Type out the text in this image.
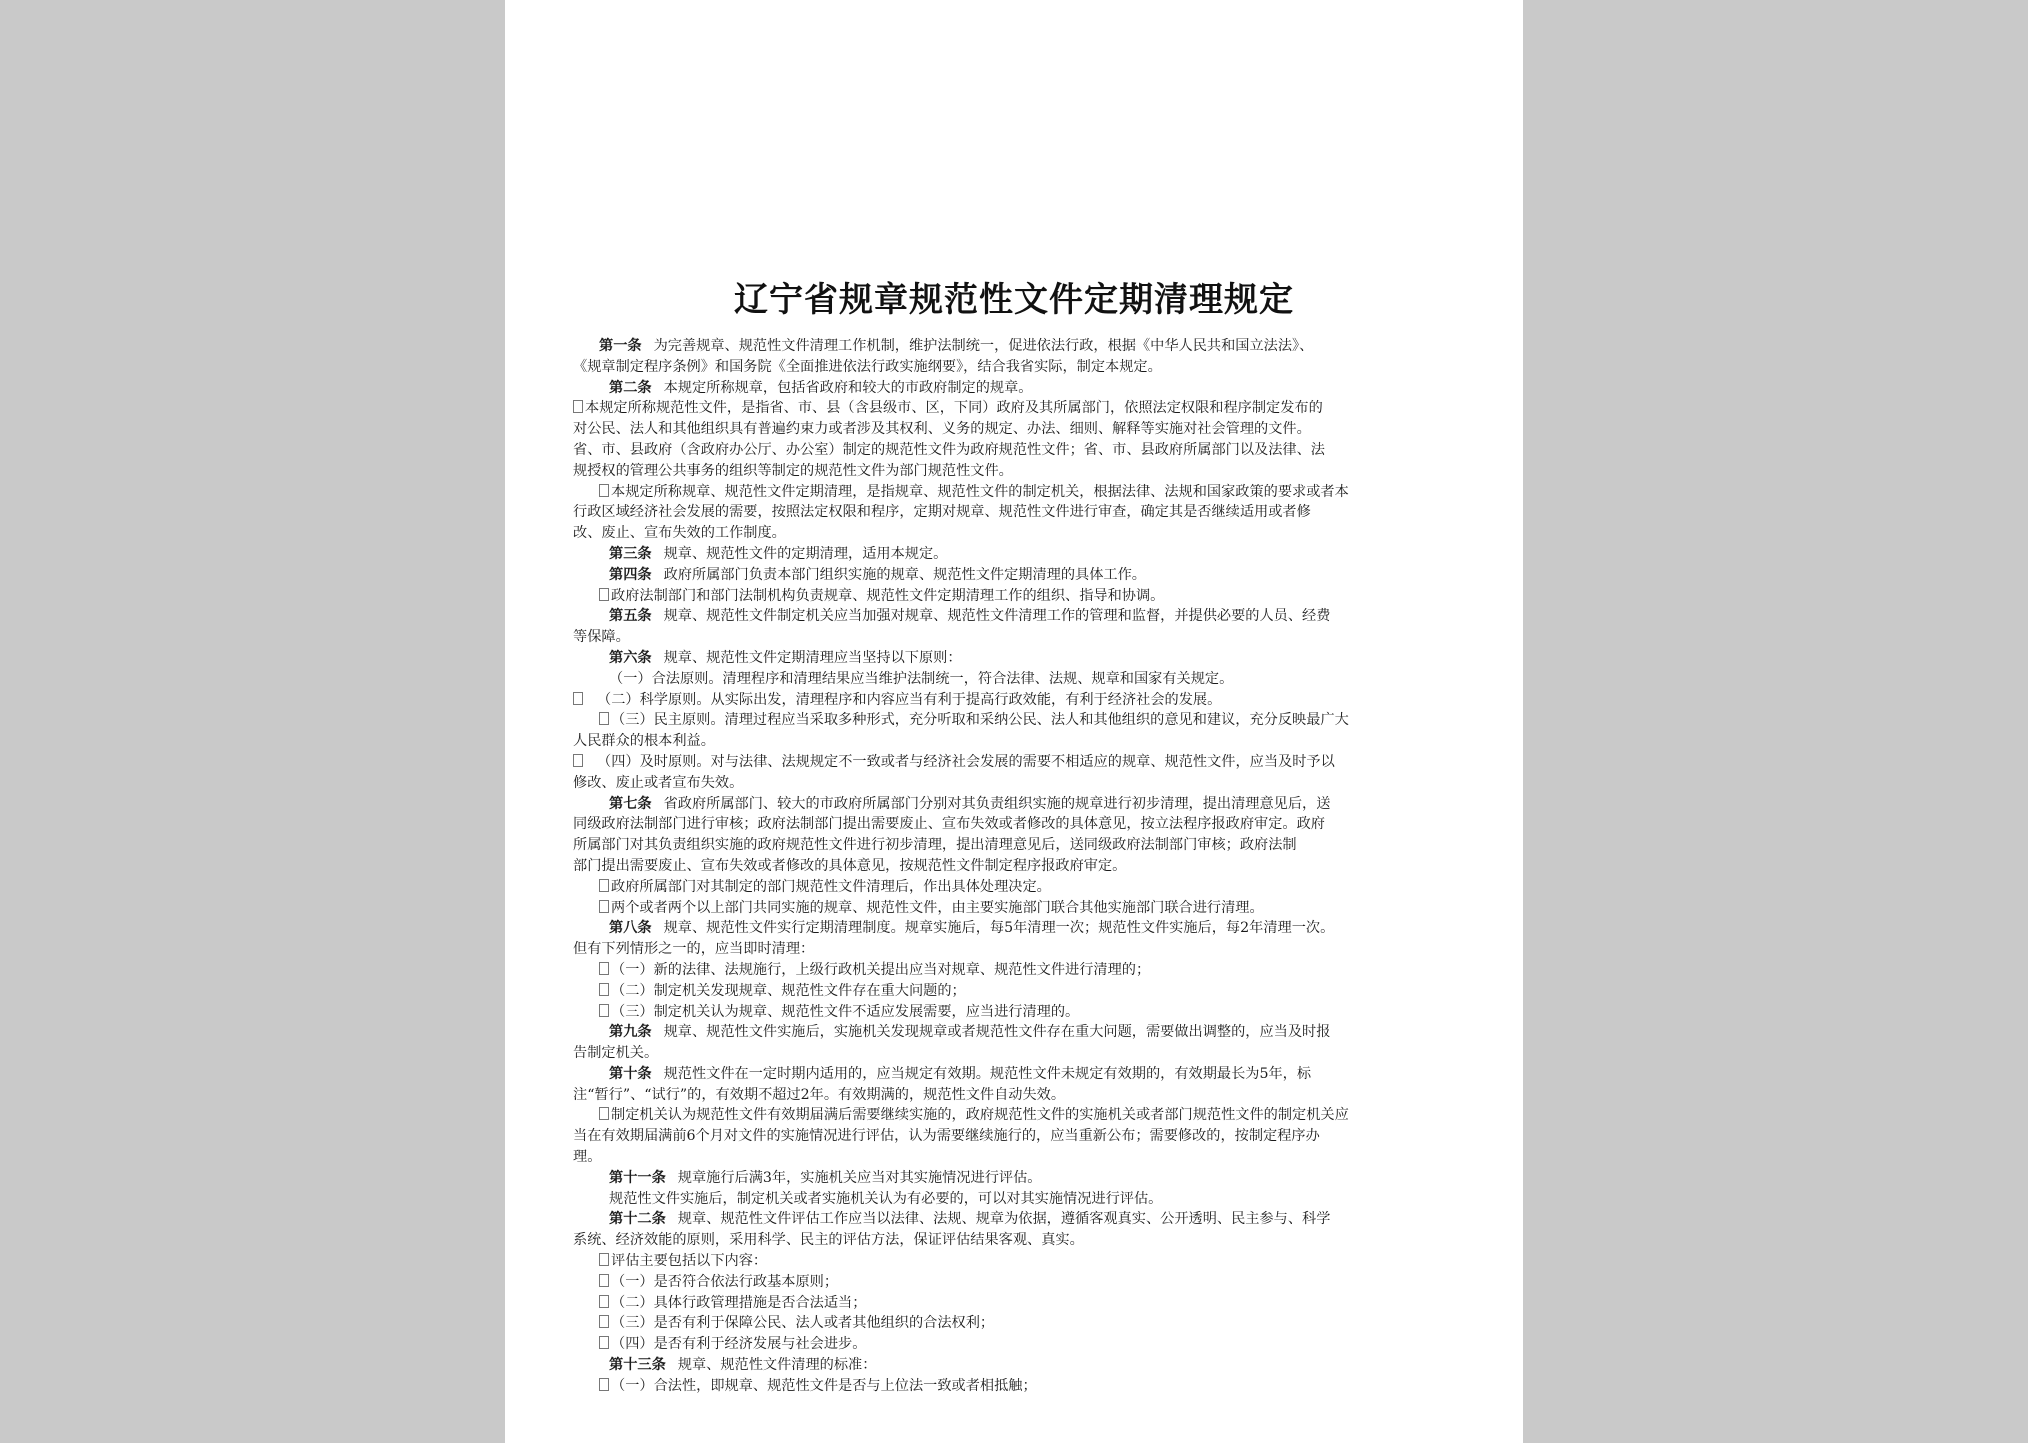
辽宁省规章规范性文件定期清理规定

第一条 为完善规章、规范性文件清理工作机制，维护法制统一，促进依法行政，根据《中华人民共和国立法法》、

《规章制定程序条例》和国务院《全面推进依法行政实施纲要》，结合我省实际，制定本规定。

第二条 本规定所称规章，包括省政府和较大的市政府制定的规章。

本规定所称规范性文件，是指省、市、县（含县级市、区，下同）政府及其所属部门，依照法定权限和程序制定发布的

对公民、法人和其他组织具有普遍约束力或者涉及其权利、义务的规定、办法、细则、解释等实施对社会管理的文件。

省、市、县政府（含政府办公厅、办公室）制定的规范性文件为政府规范性文件；省、市、县政府所属部门以及法律、法

规授权的管理公共事务的组织等制定的规范性文件为部门规范性文件。

本规定所称规章、规范性文件定期清理，是指规章、规范性文件的制定机关，根据法律、法规和国家政策的要求或者本

行政区域经济社会发展的需要，按照法定权限和程序，定期对规章、规范性文件进行审查，确定其是否继续适用或者修

改、废止、宣布失效的工作制度。

第三条 规章、规范性文件的定期清理，适用本规定。

第四条 政府所属部门负责本部门组织实施的规章、规范性文件定期清理的具体工作。

政府法制部门和部门法制机构负责规章、规范性文件定期清理工作的组织、指导和协调。

第五条 规章、规范性文件制定机关应当加强对规章、规范性文件清理工作的管理和监督，并提供必要的人员、经费

等保障。

第六条 规章、规范性文件定期清理应当坚持以下原则：

（一）合法原则。清理程序和清理结果应当维护法制统一，符合法律、法规、规章和国家有关规定。

（二）科学原则。从实际出发，清理程序和内容应当有利于提高行政效能，有利于经济社会的发展。

（三）民主原则。清理过程应当采取多种形式，充分听取和采纳公民、法人和其他组织的意见和建议，充分反映最广大

人民群众的根本利益。

（四）及时原则。对与法律、法规规定不一致或者与经济社会发展的需要不相适应的规章、规范性文件，应当及时予以

修改、废止或者宣布失效。

第七条 省政府所属部门、较大的市政府所属部门分别对其负责组织实施的规章进行初步清理，提出清理意见后，送

同级政府法制部门进行审核；政府法制部门提出需要废止、宣布失效或者修改的具体意见，按立法程序报政府审定。政府

所属部门对其负责组织实施的政府规范性文件进行初步清理，提出清理意见后，送同级政府法制部门审核；政府法制

部门提出需要废止、宣布失效或者修改的具体意见，按规范性文件制定程序报政府审定。

政府所属部门对其制定的部门规范性文件清理后，作出具体处理决定。

两个或者两个以上部门共同实施的规章、规范性文件，由主要实施部门联合其他实施部门联合进行清理。

第八条 规章、规范性文件实行定期清理制度。规章实施后，每5年清理一次；规范性文件实施后，每2年清理一次。

但有下列情形之一的，应当即时清理：

（一）新的法律、法规施行，上级行政机关提出应当对规章、规范性文件进行清理的；

（二）制定机关发现规章、规范性文件存在重大问题的；

（三）制定机关认为规章、规范性文件不适应发展需要，应当进行清理的。

第九条 规章、规范性文件实施后，实施机关发现规章或者规范性文件存在重大问题，需要做出调整的，应当及时报

告制定机关。

第十条 规范性文件在一定时期内适用的，应当规定有效期。规范性文件未规定有效期的，有效期最长为5年，标

注“暂行”、“试行”的，有效期不超过2年。有效期满的，规范性文件自动失效。

制定机关认为规范性文件有效期届满后需要继续实施的，政府规范性文件的实施机关或者部门规范性文件的制定机关应

当在有效期届满前6个月对文件的实施情况进行评估，认为需要继续施行的，应当重新公布；需要修改的，按制定程序办

理。

第十一条 规章施行后满3年，实施机关应当对其实施情况进行评估。

规范性文件实施后，制定机关或者实施机关认为有必要的，可以对其实施情况进行评估。

第十二条 规章、规范性文件评估工作应当以法律、法规、规章为依据，遵循客观真实、公开透明、民主参与、科学

系统、经济效能的原则，采用科学、民主的评估方法，保证评估结果客观、真实。

评估主要包括以下内容：

（一）是否符合依法行政基本原则；

（二）具体行政管理措施是否合法适当；

（三）是否有利于保障公民、法人或者其他组织的合法权利；

（四）是否有利于经济发展与社会进步。

第十三条 规章、规范性文件清理的标准：

（一）合法性，即规章、规范性文件是否与上位法一致或者相抵触；
